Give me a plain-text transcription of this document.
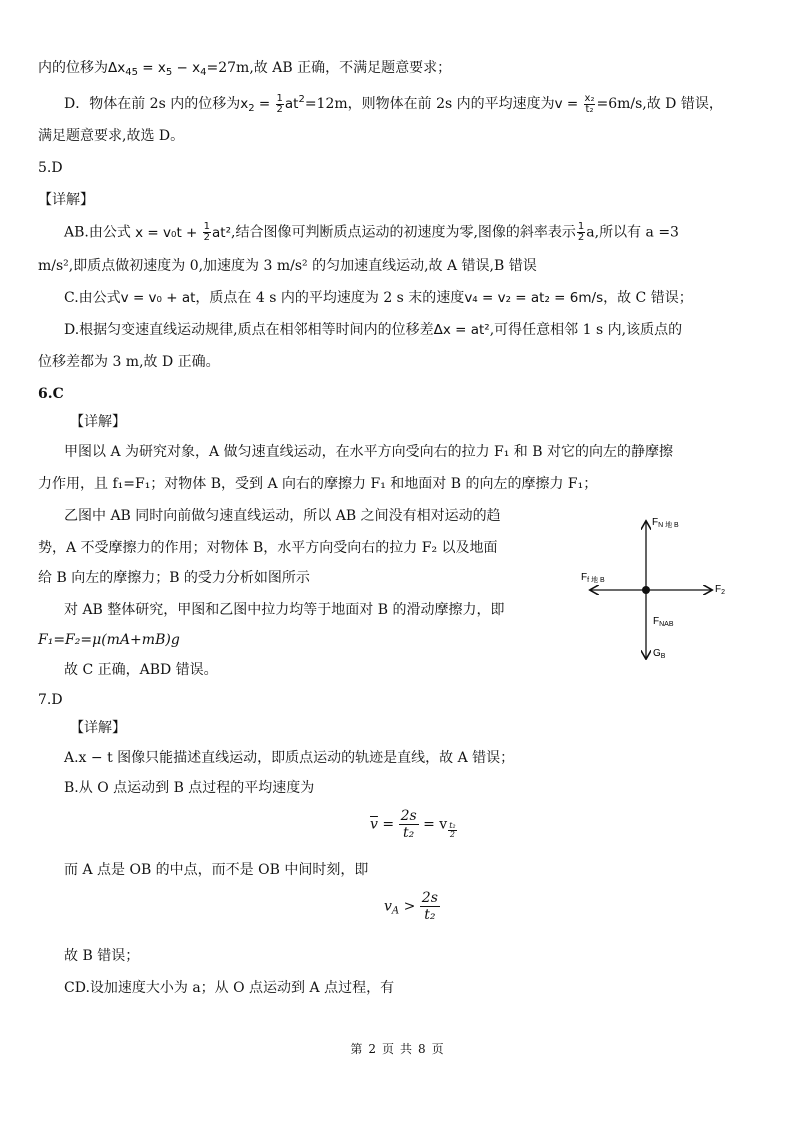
内的位移为$\Delta x_{45} = x_5 - x_4=27m$,故 AB 正确，不满足题意要求；
D．物体在前 2s 内的位移为$x_2 = \frac{1}{2} at^2=12m$，则物体在前 2s 内的平均速度为$v = \frac{\text{x₂}}{\text{t₂}} =6m/s$,故 D 错误，
满足题意要求,故选 D。
5.D
【详解】
AB.由公式 $x = v_0t + \frac{1}{2} at^2$,结合图像可判断质点运动的初速度为零,图像的斜率表示 $\frac{1}{2} a$,所以有 a =3
m/s²,即质点做初速度为 0,加速度为 3 m/s² 的匀加速直线运动,故 A 错误,B 错误
C.由公式v = v₀ + at，质点在 4 s 内的平均速度为 2 s 末的速度v₄ = v₂ = at₂ = 6m/s，故 C 错误；
D.根据匀变速直线运动规律,质点在相邻相等时间内的位移差Δx = at²,可得任意相邻 1 s 内,该质点的
位移差都为 3 m,故 D 正确。
6.C
【详解】
甲图以 A 为研究对象，A 做匀速直线运动，在水平方向受向右的拉力 F₁ 和 B 对它的向左的静摩擦
力作用，且 f₁=F₁；对物体 B，受到 A 向右的摩擦力 F₁ 和地面对 B 的向左的摩擦力 F₁；
乙图中 AB 同时向前做匀速直线运动，所以 AB 之间没有相对运动的趋
势，A 不受摩擦力的作用；对物体 B，水平方向受向右的拉力 F₂ 以及地面
给 B 向左的摩擦力；B 的受力分析如图所示
对 AB 整体研究，甲图和乙图中拉力均等于地面对 B 的滑动摩擦力，即
F₁=F₂=μ(mA+mB)g
故 C 正确，ABD 错误。
$F_{N 地 B}$
$F_{f 地 B}$
$F_2$
$F_{NAB}$
$G_B$
7.D
【详解】
A.x − t 图像只能描述直线运动，即质点运动的轨迹是直线，故 A 错误；
B.从 O 点运动到 B 点过程的平均速度为
$\overline{v} = \frac{2s}{\text{t₂}} = v \frac{\text{t₂}}{2}$
而 A 点是 OB 的中点，而不是 OB 中间时刻，即
$v_A > \frac{2s}{\text{t₂}}$
故 B 错误；
CD.设加速度大小为 a；从 O 点运动到 A 点过程，有
第 2 页 共 8 页
